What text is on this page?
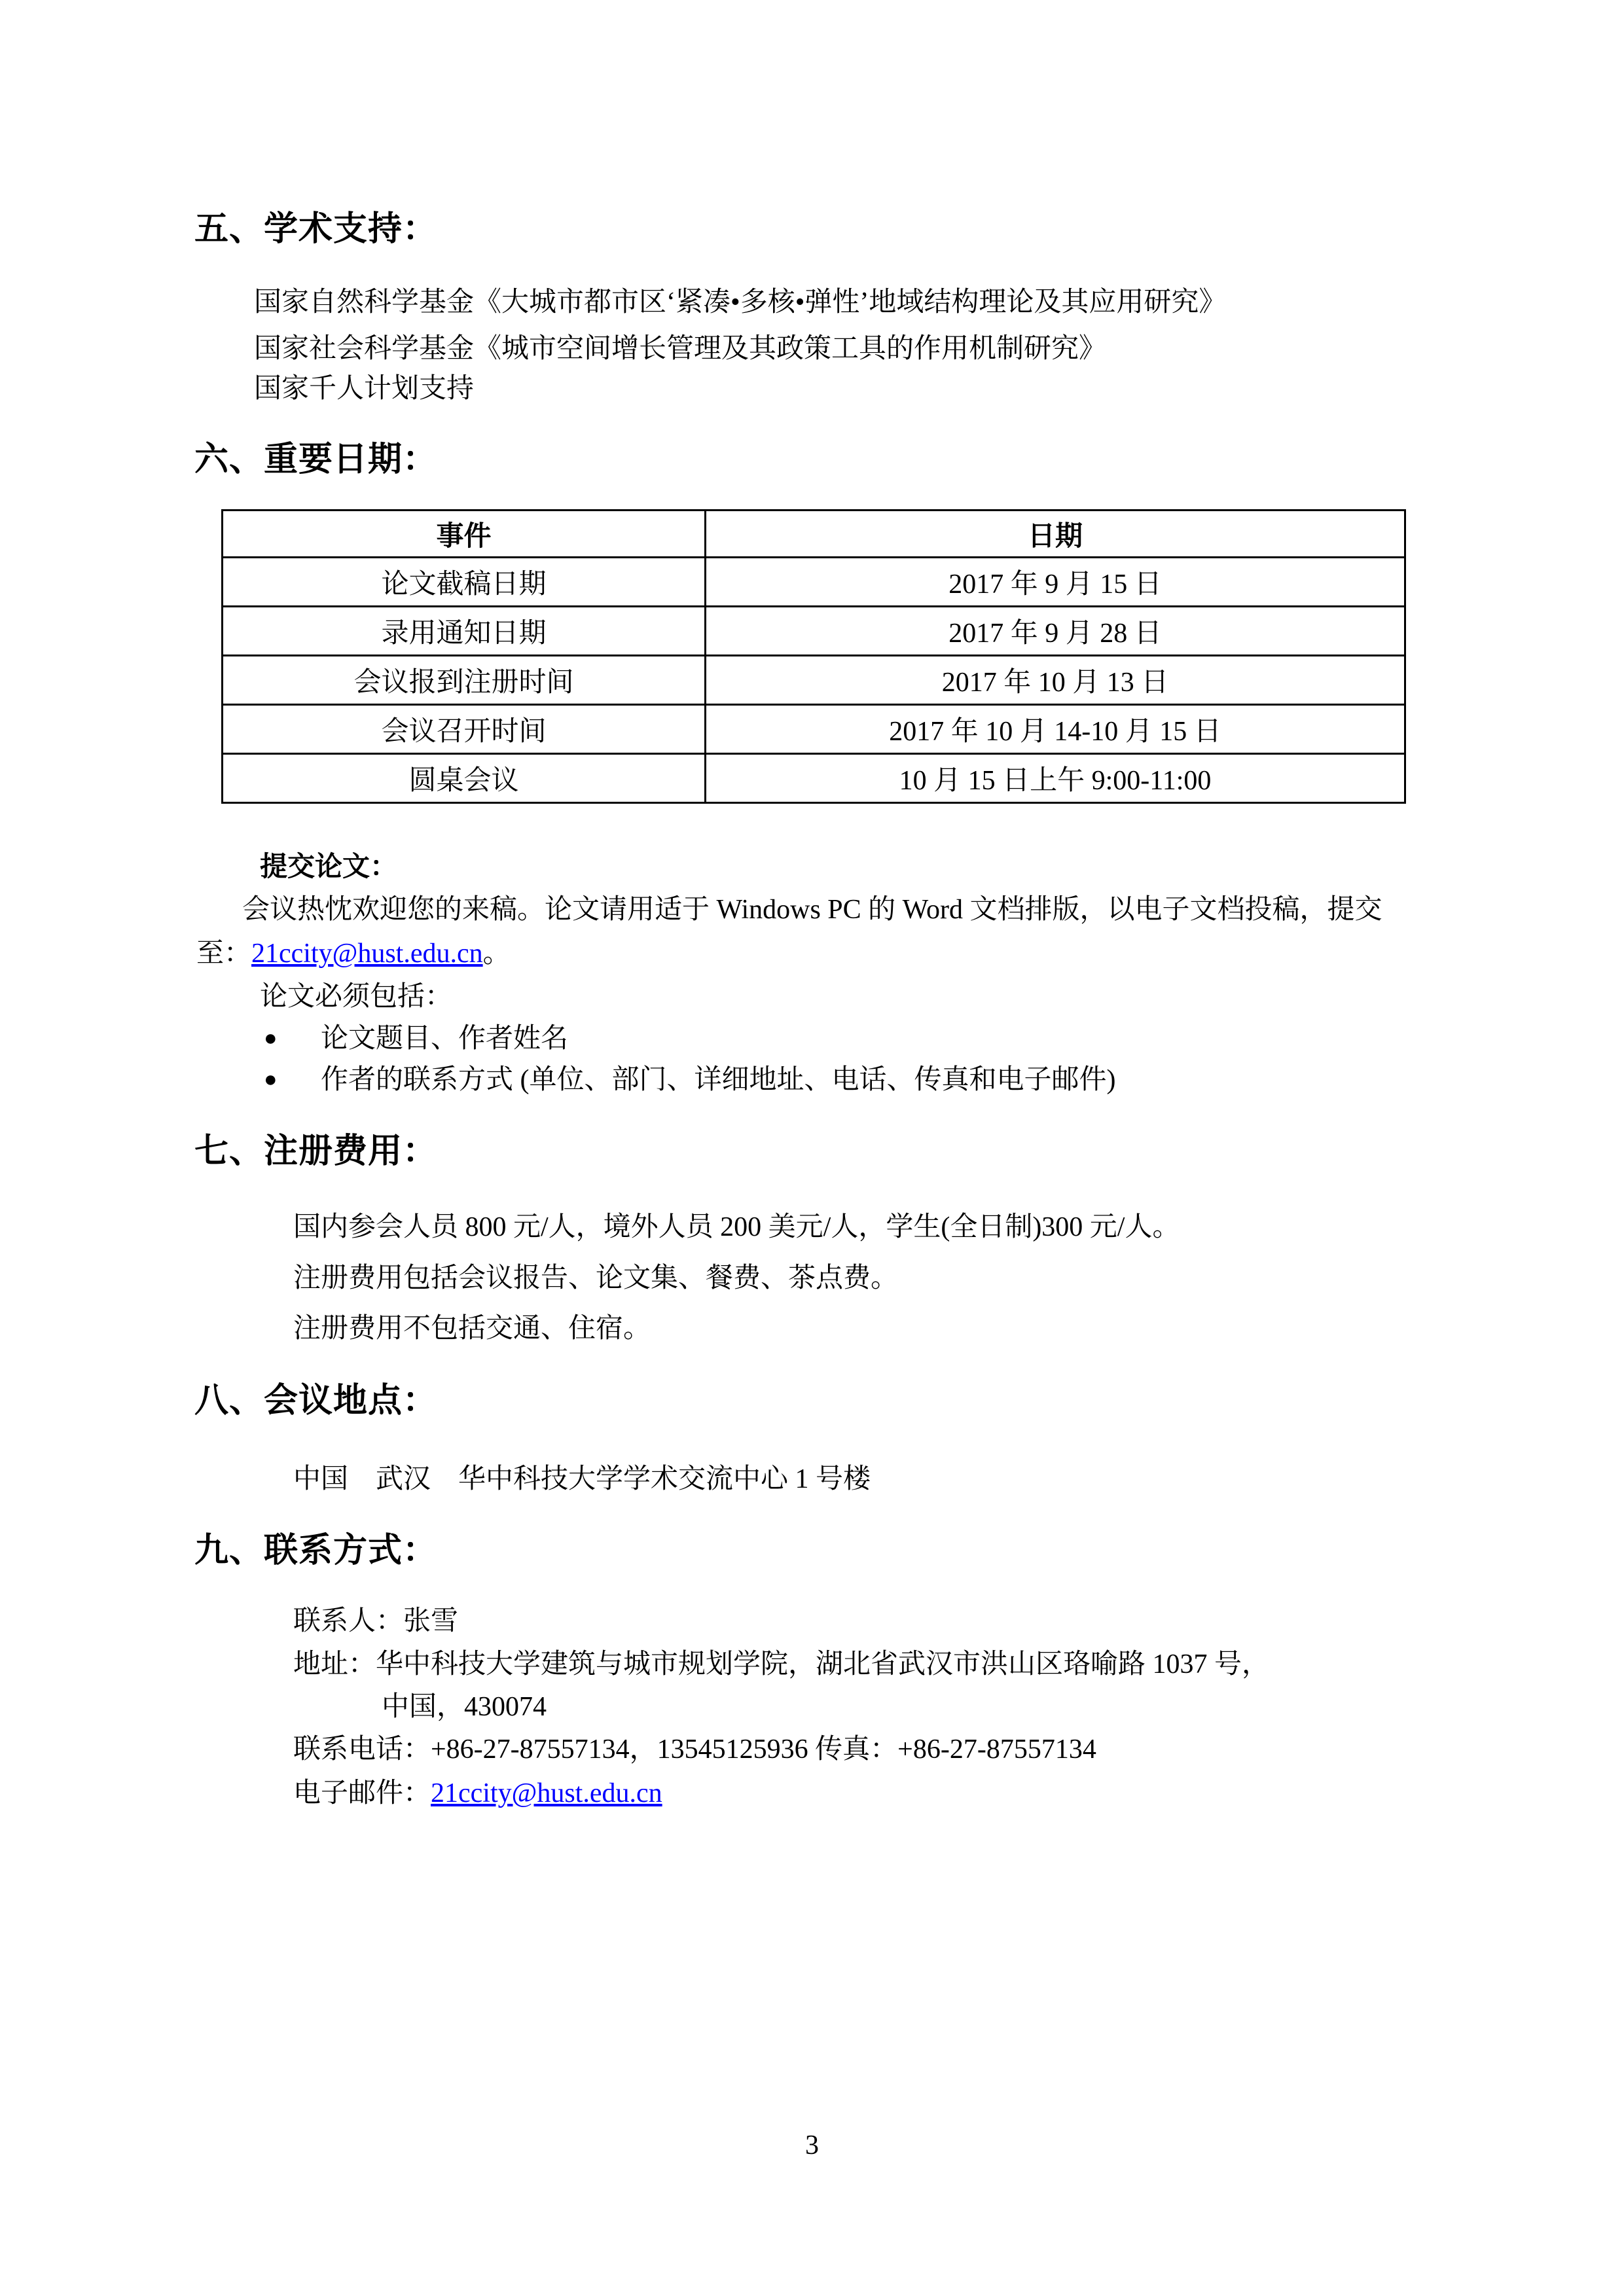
五、学术支持：
国家自然科学基金《大城市都市区‘紧凑•多核•弹性’地域结构理论及其应用研究》
国家社会科学基金《城市空间增长管理及其政策工具的作用机制研究》
国家千人计划支持
六、重要日期：
事件	日期
论文截稿日期	2017 年 9 月 15 日
录用通知日期	2017 年 9 月 28 日
会议报到注册时间	2017 年 10 月 13 日
会议召开时间	2017 年 10 月 14-10 月 15 日
圆桌会议	10 月 15 日上午 9:00-11:00
提交论文：
会议热忱欢迎您的来稿。论文请用适于 Windows PC 的 Word 文档排版，以电子文档投稿，提交
至：21ccity@hust.edu.cn。
论文必须包括：
● 论文题目、作者姓名
● 作者的联系方式 (单位、部门、详细地址、电话、传真和电子邮件)
七、注册费用：
国内参会人员 800 元/人，境外人员 200 美元/人，学生(全日制)300 元/人。
注册费用包括会议报告、论文集、餐费、茶点费。
注册费用不包括交通、住宿。
八、会议地点：
中国　武汉　华中科技大学学术交流中心 1 号楼
九、联系方式：
联系人：张雪
地址：华中科技大学建筑与城市规划学院，湖北省武汉市洪山区珞喻路 1037 号，
中国，430074
联系电话：+86-27-87557134，13545125936 传真：+86-27-87557134
电子邮件：21ccity@hust.edu.cn
3
